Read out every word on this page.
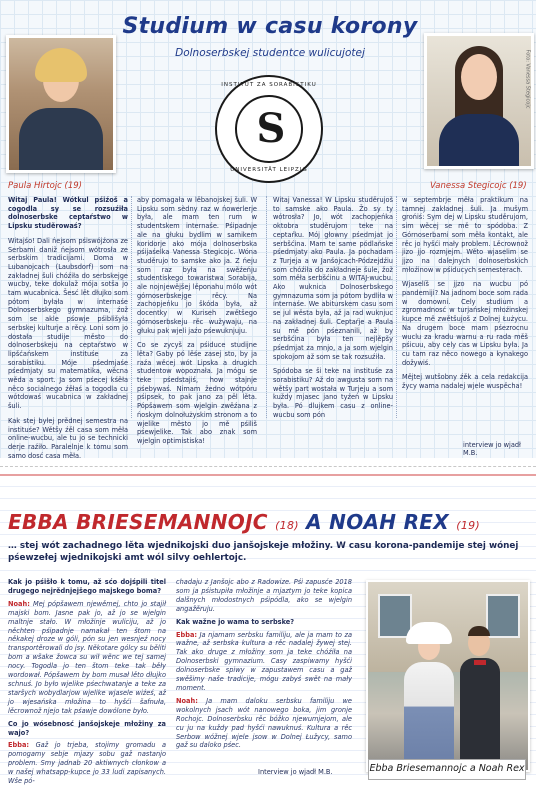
Studium w casu korony
Dolnoserbskej studentce wulicujotej	Foto: Vanessa Stegicojc
INSTITUT ZA SORABISTIKU
S
UNIVERSITÄT LEIPZIG
Paula Hirtojc (19)	Vanessa Stegicojc (19)

Witaj Paula! Wótkul pśiźoš a cogodla sy se rozsuźiła dolnoserbske ceptaŕstwo w Lipsku studěrowaś?

Witajśo! Dali ńejsom pśiswójźona ze Serbami daniž ńejsom wótrosła ze serbskim tradicijami. Doma w Lubanojcach (Laubsdorf) som na zakładnej šuli chóźiła do serbskejge wucby, teke dokulaž mója sotša jo tam wucabnica. Šesć lět dłujko som pótom byłała w internaśe Dolnoserbskego gymnazuma, źož som se akle pśowje pśiblišyła serbskej kulturje a rěcy. Loni som jo dostała studije město do dolnoserbskeju na ceptaŕstwo w lipšćańskem instituśe za sorabistiku. Móje pśedmjaśe pśedmjaty su matematika, wěcna wěda a sport. Ja som pśecej kśěła něco socialnego źěłaś a togodla cu wótdowaś wucabnica w zakładnej šuli.

Kak stej byłej prědnej semestra na instituśe? Wětšy źěl casa som měła online-wucbu, ale tu jo se technicki derje raźiło. Paralelnje k tomu som samo dosć casa měła.

aby pomagała w lěbanojskej šuli. W Lipsku som sèdny raz w ńowerlerje była, ale mam ten rum w studentskem internaśe. Pśipadnje ale na głuku bydlim w samikem koridorje ako mója dolnoserbska pśijaśelka Vanessa Stegicojc. Wóna studěrujo to samske ako ja. Z ńeju som raz była na swěźeńju studentiskego towaristwa Sorabija, ale nojnjewějšej lěponahu mólo wót górnoserbskejge rěcy. Na zachopjeńku jo škóda była, až docentky w Kuriseh zwětšego górnoserbskeju rěc wužywaju, na głuku pak wjeli jaźo pśewuknjuju.

Co se zycyš za pśiduce studijne lěta? Gaby pó lěśe zasej sto, by ja raźa wěcej wót Lipska a drugich studentow wopoznała. Ja mógu se teke pśedstajiś, how stajnje pśebywaś. Nimam žedno wótpóru pśipsek, to pak jano za pěl lěta. Pópšawem som wjelgin zwěźana z ńoskym dolnołużyskim stronom a to wjelike město jo mě pśiliš pśewjelike. Tak abo znak som wjelgin optimistiska!

Witaj Vanessa! W Lipsku studěrujoš to samske ako Paula. Žo sy ty wótrosła? Jo, wót zachopjeńka oktobra studěrujom teke na ceptaŕku. Mój głowny pśedmjat jo serbšćina. Mam te same pódlańske pśedmjaty ako Paula. Ja pochadam z Turjeja a w Janšojcach-Pódzejdźiu som chóźiła do zakładneje šule, žož som měła serbšćinu a WITAJ-wucbu. Ako wuknica Dolnoserbskego gymnazuma som ja pótom bydliła w internaśe. We abiturskem casu som se jul wěsta była, až ja rad wuknjuc na zakładnej šuli. Ceptaŕje a Paula su mě pón pśeznanili, až by serbšćina była ten nejlěpšy pśedmjat za mnjo, a ja som wjelgin spokojom až som se tak rozsuźiła.

Spódoba se ši teke na instituśe za sorabistiku? Až do awgusta som na wětšy part wostała w Turjeju a som kuždy mjasec jano tyźeń w Lipsku była. Pó dlujkem casu z online-wucbu som pón

w septembrje měła praktikum na tamnej zakładnej šuli. Ja mušym grońiś: Sym dej w Lipsku studěrujom, sim wěcej se mě to spódoba. Z Górnoserbami som měła kontakt, ale rěc jo hyšći mały problem. Lěcrownož jizo jjo rozmjejm. Wěto wjaselim se jjzo na dalejnych dolnoserbskich młoźinow w pśiducych semesterach.

Wjaselíš se jjzo na wucbu pó pandemiji? Na jadnom boce som rada w domowni. Cely studium a zgromadnosć w turjańskej młoźinskej kupce mě zwětšujoš z Dolnej Łużycu. Na drugem boce mam pśezrocnu wuclu za kradu warnu a ru rada měš pśicuu, aby cely cas w Lipsku była. Ja cu tam raz něco nowego a kynakego dožywiś.

Mějtej wutšobny źěk a cela redakcija žycy wama nadalej wjele wuspěcha!

interview jo wjadł M.B.
EBBA BRIESEMANNOJC (18) A NOAH REX (19)
… stej wót zachadnego lěta wjednikojski duo janšojskeje młožiny. W casu korona-pandemije stej wónej pśewzełej wjednikojski amt wól silvy oehlertojc.

Kak jo pśišło k tomu, až sćo dojśpili titel drugego nejrědnjejšego majskego boma?

Noah: Mej pópšawem njewěmej, chto jo stajił majski bom. Jasne pak jo, až jo se wjelgin maltnje stało. W młožinje wuliciju, až jo něchten pśipadnje namakał ten štom na někakej droze w góli, pón su jen wesnjeź nocy transportěrowali do jsy. Někotare gólcy su běliti bom a wšake žowca su wił wěnc we tej samej nocy. Togodla jo ten štom teke tak běły wordował. Pópšawem by bom musał lěto dłujko schnuś. Jo było wjelike pśechwatanje a teke za staršych wobydlarjow wjelike wjasele wiźeś, až jo wjesańska młožina to hyšći šafnuła, lěcrownož njejo tak pśawje dowólone było.

Co jo wósebnosć janšojskeje młožiny za wajo?

Ebba: Gaž jo trjeba, stojimy gromadu a pomogamy sebje mjazy sobu gaž nastanjo problem. Smy jadnab 20 aktiwnych cłonkow a w našej whatsapp-kupce jo 33 ludi zapisanych. Wše pó-

chadaju z Janšojc abo z Radowize. Pśi zapusće 2018 som ja pśistupiła młožinje a mjaztym jo teke kopica dalšnych młodostnych pśipódla, ako se wjelgin angažěruju.

Kak wažne jo wama to serbske?

Ebba: Ja njamam serbsku familiju, ale ja mam to za wažne, až serbska kultura a rěc nadalej žywej stej. Tak ako druge z młožiny som ja teke chóźiła na Dolnoserbski gymnazium. Casy zaspiwamy hyšći dolnoserbske spiwy w zapustawem casu a gaž swěšimy naše tradicije, mógu zabyś swět na mały moment.

Noah: Ja mam daloku serbsku familiju we wokolnych jsach wót nanowego boka, jim gronje Rochojc. Dolnoserbsku rěc bóžko njewumjejom, ale cu ju na kuždy pad hyšći nawuknuś. Kultura a rěc Serbow wóžnej wjele jsow w Dolnej Łužycy, samo gaž su daloko pśec.

Ebba Briesemannojc a Noah Rex
Interview jo wjadł M.B.
